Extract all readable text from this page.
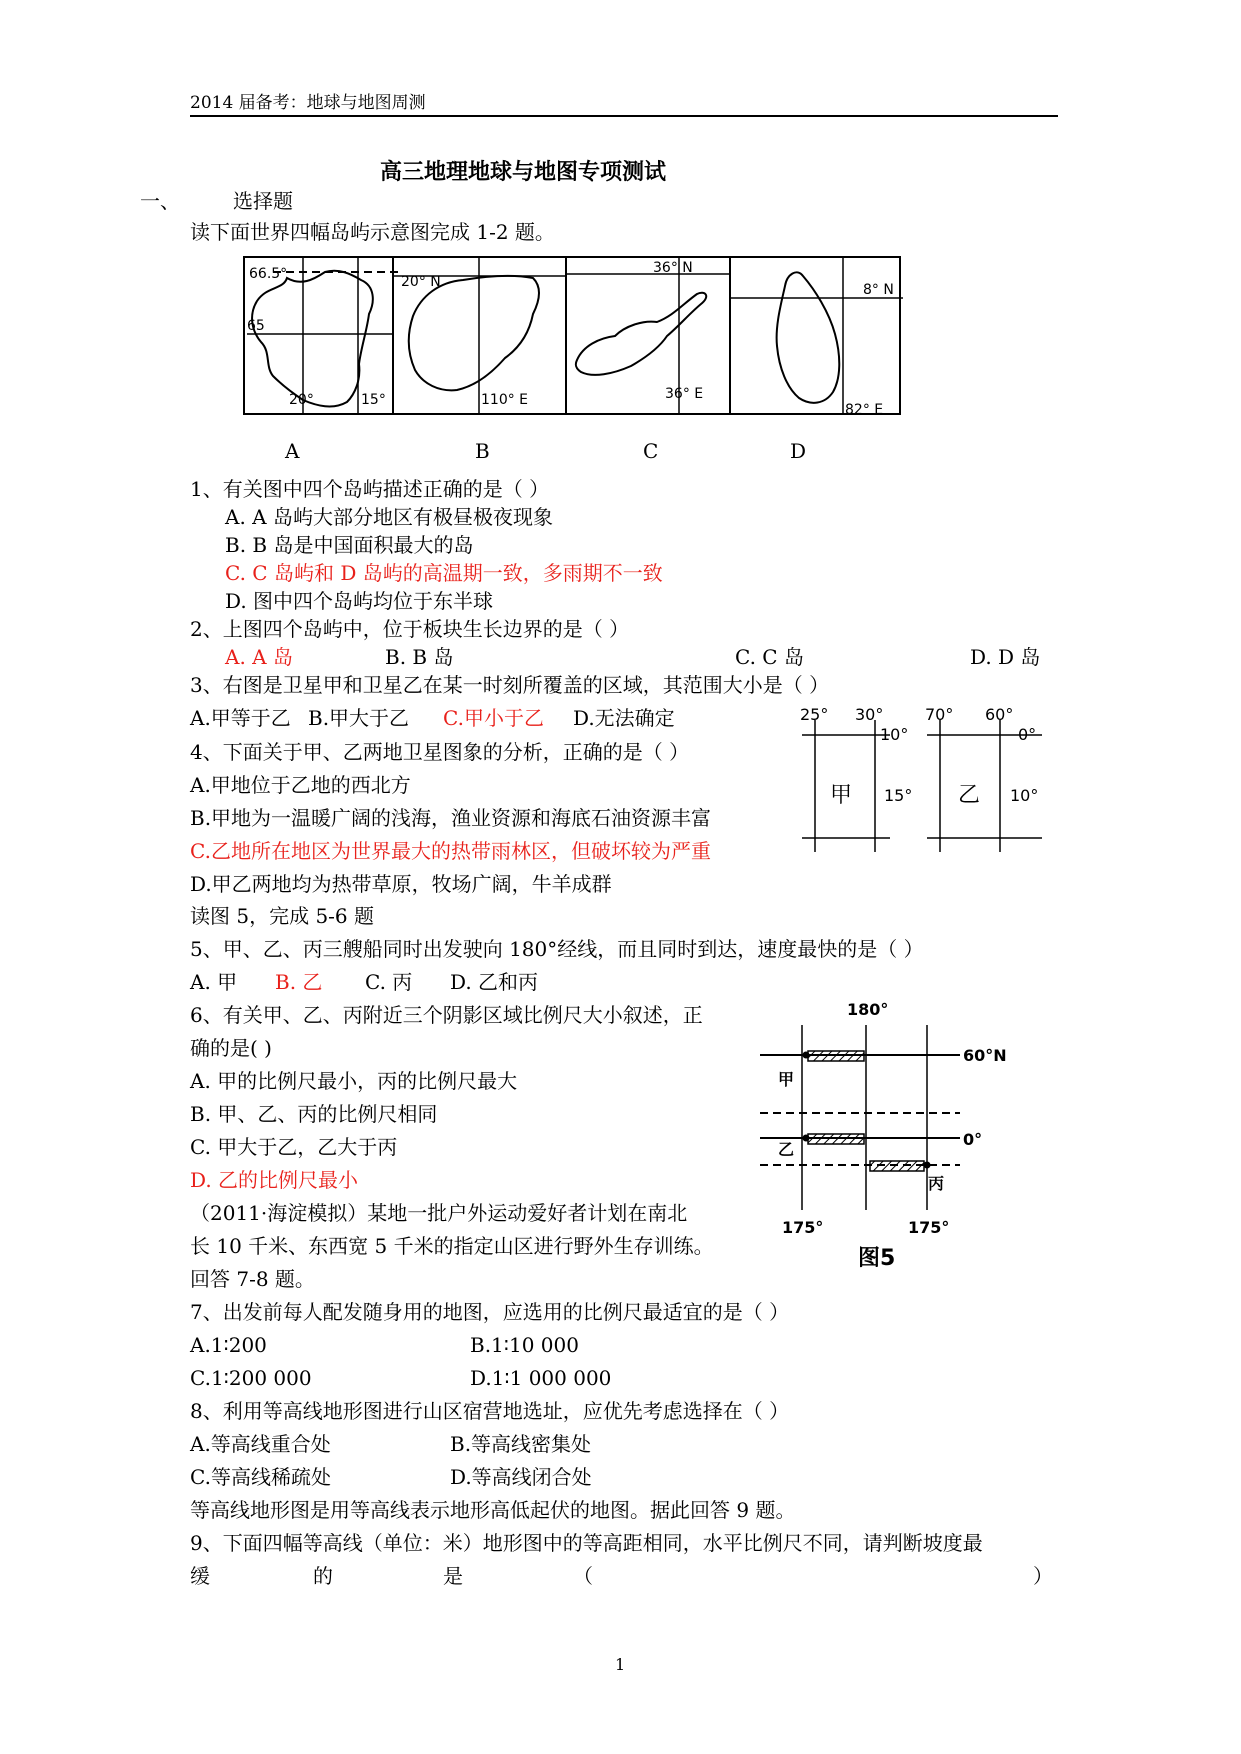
2014 届备考：地球与地图周测
高三地理地球与地图专项测试
一、	选择题
读下面世界四幅岛屿示意图完成 1-2 题。
66.5°
65
20°	15°
20° N
110° E
36° N
36° E
8° N
82° E
A	B	C	D
1、有关图中四个岛屿描述正确的是（ ）
A. A 岛屿大部分地区有极昼极夜现象
B. B 岛是中国面积最大的岛
C. C 岛屿和 D 岛屿的高温期一致，多雨期不一致
D. 图中四个岛屿均位于东半球
2、上图四个岛屿中，位于板块生长边界的是（ ）
A. A 岛	B. B 岛	C. C 岛	D. D 岛
3、右图是卫星甲和卫星乙在某一时刻所覆盖的区域，其范围大小是（ ）
A.甲等于乙 B.甲大于乙 C.甲小于乙 D.无法确定	25° 30°
10°
15°
甲
70° 60°
0°
10°
乙
4、下面关于甲、乙两地卫星图象的分析，正确的是（ ）
A.甲地位于乙地的西北方
B.甲地为一温暖广阔的浅海，渔业资源和海底石油资源丰富
C.乙地所在地区为世界最大的热带雨林区，但破坏较为严重
D.甲乙两地均为热带草原，牧场广阔，牛羊成群
读图 5，完成 5-6 题
5、甲、乙、丙三艘船同时出发驶向 180°经线，而且同时到达，速度最快的是（ ）
A. 甲 B. 乙 C. 丙 D. 乙和丙
6、有关甲、乙、丙附近三个阴影区域比例尺大小叙述，正
确的是( )
A. 甲的比例尺最小，丙的比例尺最大
B. 甲、乙、丙的比例尺相同
C. 甲大于乙，乙大于丙
D. 乙的比例尺最小
180°
60°N
0°
甲
乙
丙
175°	175°
图5
（2011·海淀模拟）某地一批户外运动爱好者计划在南北
长 10 千米、东西宽 5 千米的指定山区进行野外生存训练。
回答 7-8 题。
7、出发前每人配发随身用的地图，应选用的比例尺最适宜的是（ ）
A.1∶200	B.1∶10 000
C.1∶200 000	D.1∶1 000 000
8、利用等高线地形图进行山区宿营地选址，应优先考虑选择在（ ）
A.等高线重合处	B.等高线密集处
C.等高线稀疏处	D.等高线闭合处
等高线地形图是用等高线表示地形高低起伏的地图。据此回答 9 题。
9、下面四幅等高线（单位：米）地形图中的等高距相同，水平比例尺不同，请判断坡度最
缓	的	是	（	）
1
